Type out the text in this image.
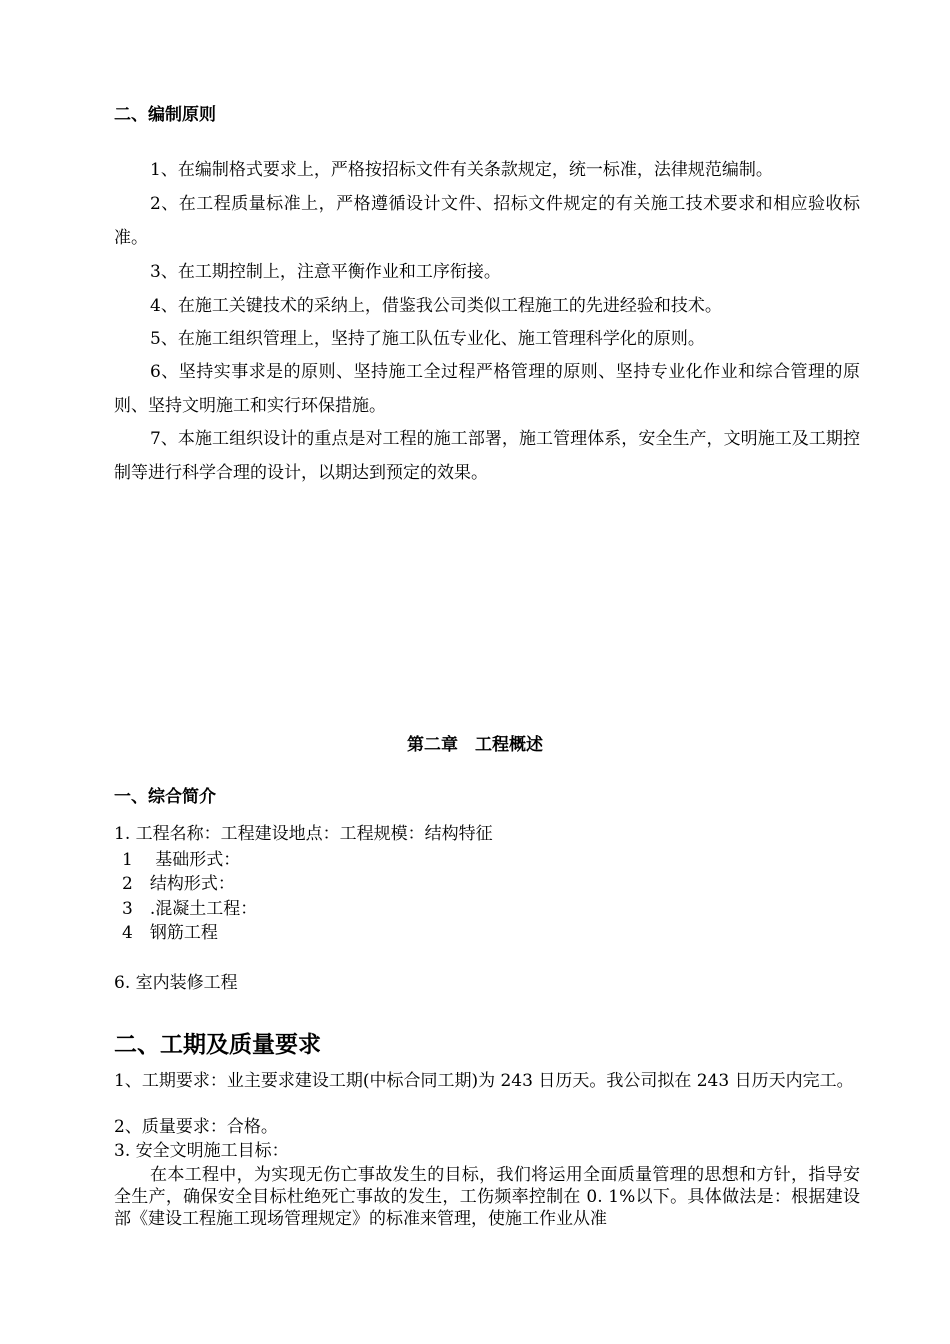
二、编制原则

1、在编制格式要求上，严格按招标文件有关条款规定，统一标准，法律规范编制。

2、在工程质量标准上，严格遵循设计文件、招标文件规定的有关施工技术要求和相应验收标准。

3、在工期控制上，注意平衡作业和工序衔接。

4、在施工关键技术的采纳上，借鉴我公司类似工程施工的先进经验和技术。

5、在施工组织管理上，坚持了施工队伍专业化、施工管理科学化的原则。

6、坚持实事求是的原则、坚持施工全过程严格管理的原则、坚持专业化作业和综合管理的原则、坚持文明施工和实行环保措施。

7、本施工组织设计的重点是对工程的施工部署，施工管理体系，安全生产，文明施工及工期控制等进行科学合理的设计，以期达到预定的效果。

第二章　工程概述
一、综合简介
1. 工程名称：工程建设地点：工程规模：结构特征
1　 基础形式：
2　结构形式：
3　.混凝土工程：
4　钢筋工程
6. 室内装修工程
二、工期及质量要求

1、工期要求：业主要求建设工期(中标合同工期)为 243 日历天。我公司拟在 243 日历天内完工。

2、质量要求：合格。

3. 安全文明施工目标：

在本工程中，为实现无伤亡事故发生的目标，我们将运用全面质量管理的思想和方针，指导安全生产，确保安全目标杜绝死亡事故的发生，工伤频率控制在 0. 1%以下。具体做法是：根据建设部《建设工程施工现场管理规定》的标准来管理，使施工作业从准
